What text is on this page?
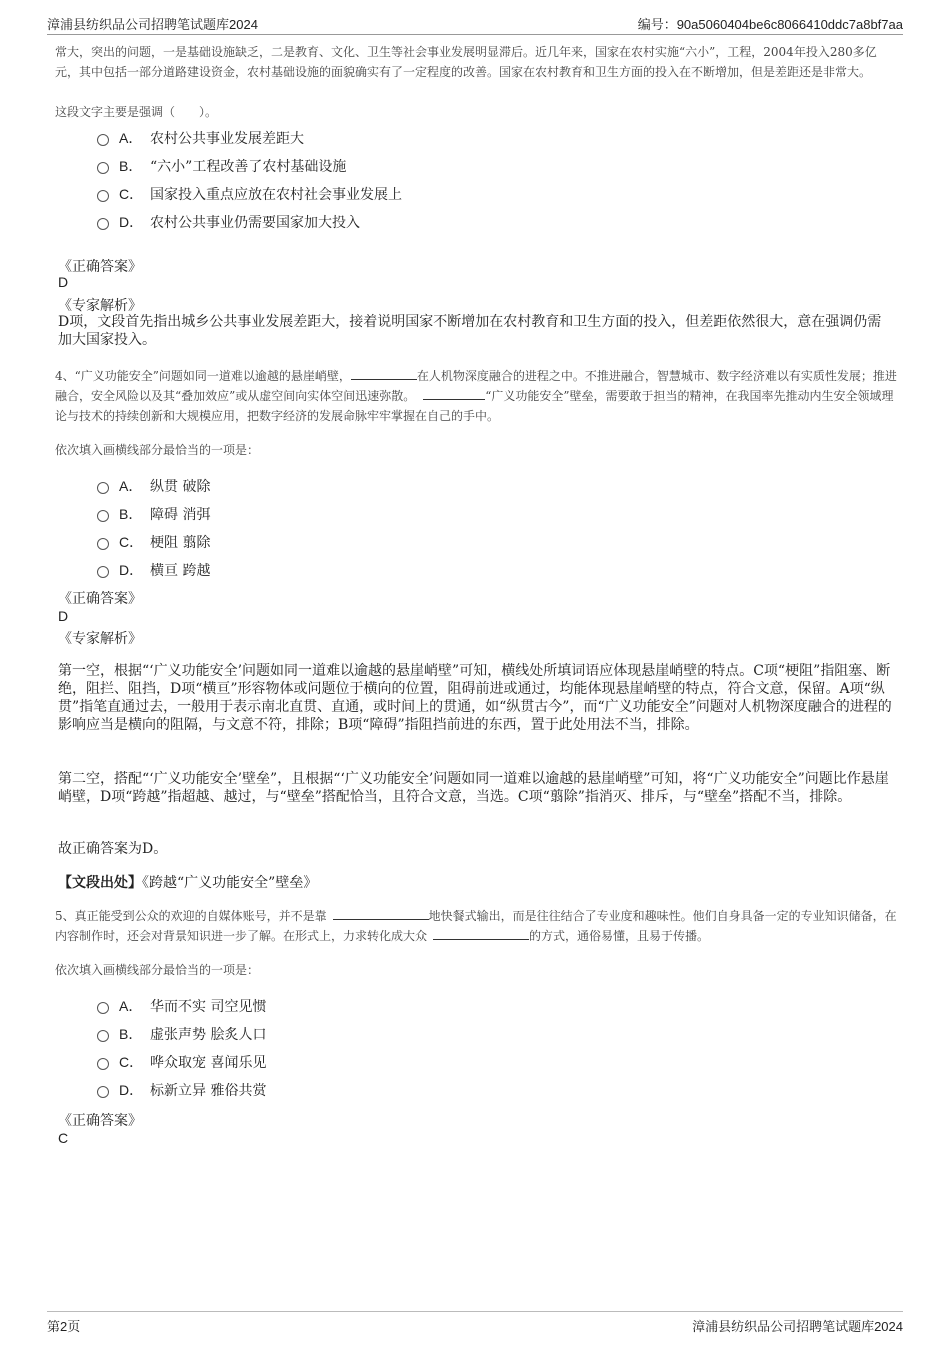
漳浦县纺织品公司招聘笔试题库2024	编号：90a5060404be6c8066410ddc7a8bf7aa
常大，突出的问题，一是基础设施缺乏，二是教育、文化、卫生等社会事业发展明显滞后。近几年来，国家在农村实施“六小”，工程，2004年投入280多亿元，其中包括一部分道路建设资金，农村基础设施的面貌确实有了一定程度的改善。国家在农村教育和卫生方面的投入在不断增加，但是差距还是非常大。
这段文字主要是强调（　　）。
A． 农村公共事业发展差距大
B． “六小”工程改善了农村基础设施
C． 国家投入重点应放在农村社会事业发展上
D． 农村公共事业仍需要国家加大投入
《正确答案》
D
《专家解析》
D项，文段首先指出城乡公共事业发展差距大，接着说明国家不断增加在农村教育和卫生方面的投入，但差距依然很大，意在强调仍需加大国家投入。
4、“广义功能安全”问题如同一道难以逾越的悬崖峭壁，	在人机物深度融合的进程之中。不推进融合，智慧城市、数字经济难以有实质性发展；推进融合，安全风险以及其“叠加效应”或从虚空间向实体空间迅速弥散。	“广义功能安全”壁垒，需要敢于担当的精神，在我国率先推动内生安全领域理论与技术的持续创新和大规模应用，把数字经济的发展命脉牢牢掌握在自己的手中。
依次填入画横线部分最恰当的一项是：
A． 纵贯 破除
B． 障碍 消弭
C． 梗阻 翦除
D． 横亘 跨越
《正确答案》
D
《专家解析》
第一空，根据“‘广义功能安全’问题如同一道难以逾越的悬崖峭壁”可知，横线处所填词语应体现悬崖峭壁的特点。C项“梗阻”指阻塞、断绝，阻拦、阻挡，D项“横亘”形容物体或问题位于横向的位置，阻碍前进或通过，均能体现悬崖峭壁的特点，符合文意，保留。A项“纵贯”指笔直通过去，一般用于表示南北直贯、直通，或时间上的贯通，如“纵贯古今”，而“广义功能安全”问题对人机物深度融合的进程的影响应当是横向的阻隔，与文意不符，排除；B项“障碍”指阻挡前进的东西，置于此处用法不当，排除。
第二空，搭配“‘广义功能安全’壁垒”，且根据“‘广义功能安全’问题如同一道难以逾越的悬崖峭壁”可知，将“广义功能安全”问题比作悬崖峭壁，D项“跨越”指超越、越过，与“壁垒”搭配恰当，且符合文意，当选。C项“翦除”指消灭、排斥，与“壁垒”搭配不当，排除。
故正确答案为D。
【文段出处】《跨越“广义功能安全”壁垒》
5、真正能受到公众的欢迎的自媒体账号，并不是靠	地快餐式输出，而是往往结合了专业度和趣味性。他们自身具备一定的专业知识储备，在内容制作时，还会对背景知识进一步了解。在形式上，力求转化成大众	的方式，通俗易懂，且易于传播。
依次填入画横线部分最恰当的一项是：
A． 华而不实 司空见惯
B． 虚张声势 脍炙人口
C． 哗众取宠 喜闻乐见
D． 标新立异 雅俗共赏
《正确答案》
C
第2页	漳浦县纺织品公司招聘笔试题库2024
